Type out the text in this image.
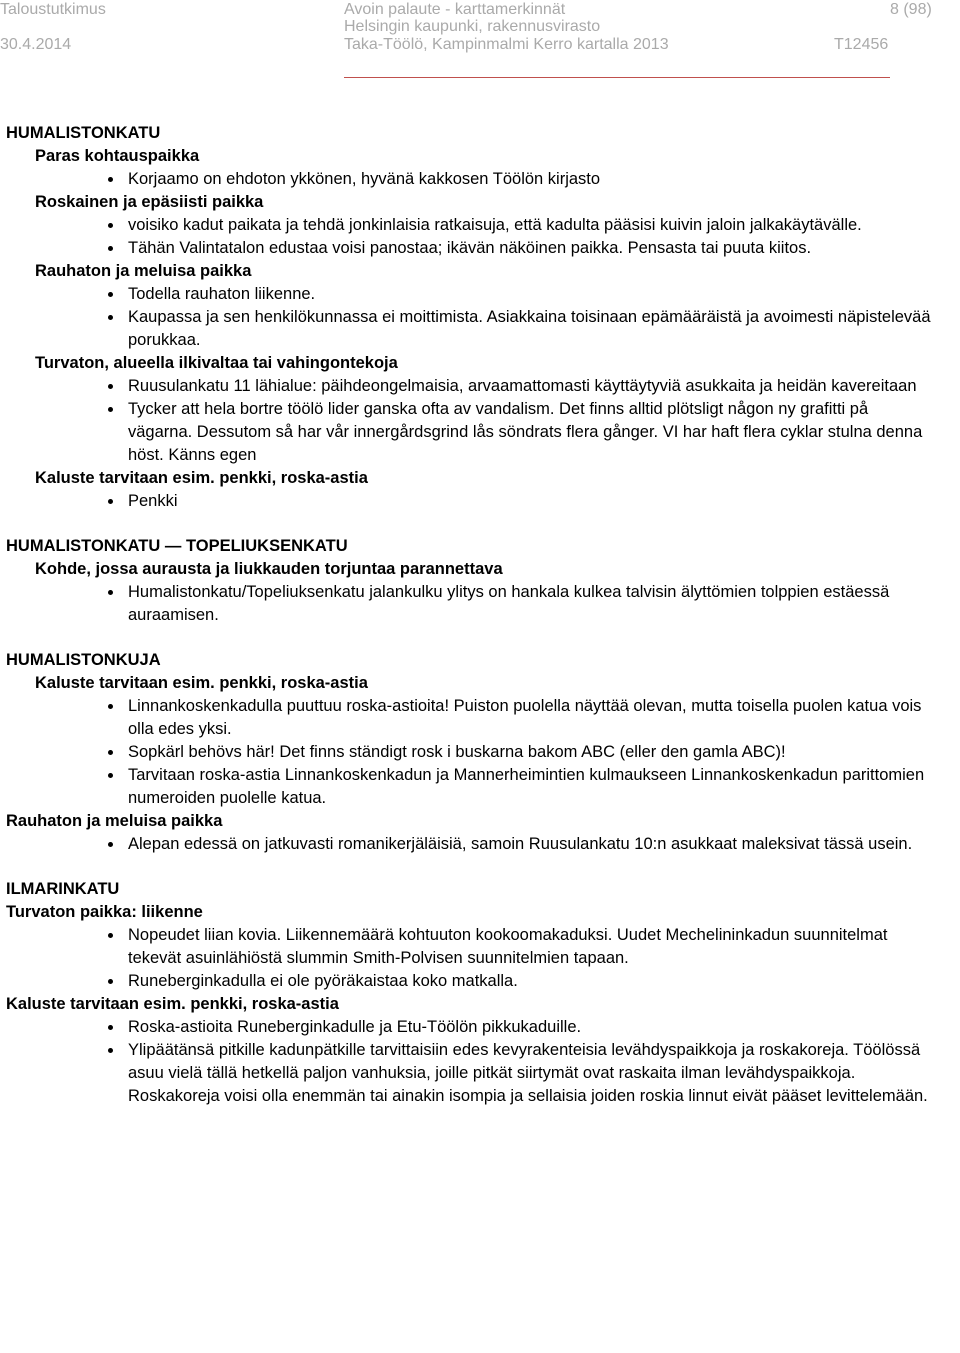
Taloustutkimus
30.4.2014
Avoin palaute - karttamerkinnät
Helsingin kaupunki, rakennusvirasto
Taka-Töölö, Kampinmalmi Kerro kartalla 2013	T12456
8 (98)
HUMALISTONKATU
Paras kohtauspaikka
Korjaamo on ehdoton ykkönen, hyvänä kakkosen Töölön kirjasto
Roskainen ja epäsiisti paikka
voisiko kadut paikata ja tehdä jonkinlaisia ratkaisuja, että kadulta pääsisi kuivin jaloin jalkakäytävälle.
Tähän Valintatalon edustaa voisi panostaa; ikävän näköinen paikka. Pensasta tai puuta kiitos.
Rauhaton ja meluisa paikka
Todella rauhaton liikenne.
Kaupassa ja sen henkilökunnassa ei moittimista. Asiakkaina toisinaan epämääräistä ja avoimesti näpistelevää porukkaa.
Turvaton, alueella ilkivaltaa tai vahingontekoja
Ruusulankatu 11 lähialue: päihdeongelmaisia, arvaamattomasti käyttäytyviä asukkaita ja heidän kavereitaan
Tycker att hela bortre töölö lider ganska ofta av vandalism. Det finns alltid plötsligt någon ny grafitti på vägarna. Dessutom så har vår innergårdsgrind lås söndrats flera gånger. VI har haft flera cyklar stulna denna höst. Känns egen
Kaluste tarvitaan esim. penkki, roska-astia
Penkki
HUMALISTONKATU — TOPELIUKSENKATU
Kohde, jossa aurausta ja liukkauden torjuntaa parannettava
Humalistonkatu/Topeliuksenkatu jalankulku ylitys on hankala kulkea talvisin älyttömien tolppien estäessä auraamisen.
HUMALISTONKUJA
Kaluste tarvitaan esim. penkki, roska-astia
Linnankoskenkadulla puuttuu roska-astioita! Puiston puolella näyttää olevan, mutta toisella puolen katua vois olla edes yksi.
Sopkärl behövs här! Det finns ständigt rosk i buskarna bakom ABC (eller den gamla ABC)!
Tarvitaan roska-astia Linnankoskenkadun ja Mannerheimintien kulmaukseen Linnankoskenkadun parittomien numeroiden puolelle katua.
Rauhaton ja meluisa paikka
Alepan edessä on jatkuvasti romanikerjäläisiä, samoin Ruusulankatu 10:n asukkaat maleksivat tässä usein.
ILMARINKATU
Turvaton paikka: liikenne
Nopeudet liian kovia. Liikennemäärä kohtuuton kookoomakaduksi. Uudet Mechelininkadun suunnitelmat tekevät asuinlähiöstä slummin Smith-Polvisen suunnitelmien tapaan.
Runeberginkadulla ei ole pyöräkaistaa koko matkalla.
Kaluste tarvitaan esim. penkki, roska-astia
Roska-astioita Runeberginkadulle ja Etu-Töölön pikkukaduille.
Ylipäätänsä pitkille kadunpätkille tarvittaisiin edes kevyrakenteisia levähdyspaikkoja ja roskakoreja. Töölössä asuu vielä tällä hetkellä paljon vanhuksia, joille pitkät siirtymät ovat raskaita ilman levähdyspaikkoja. Roskakoreja voisi olla enemmän tai ainakin isompia ja sellaisia joiden roskia linnut eivät pääset levittelemään.
